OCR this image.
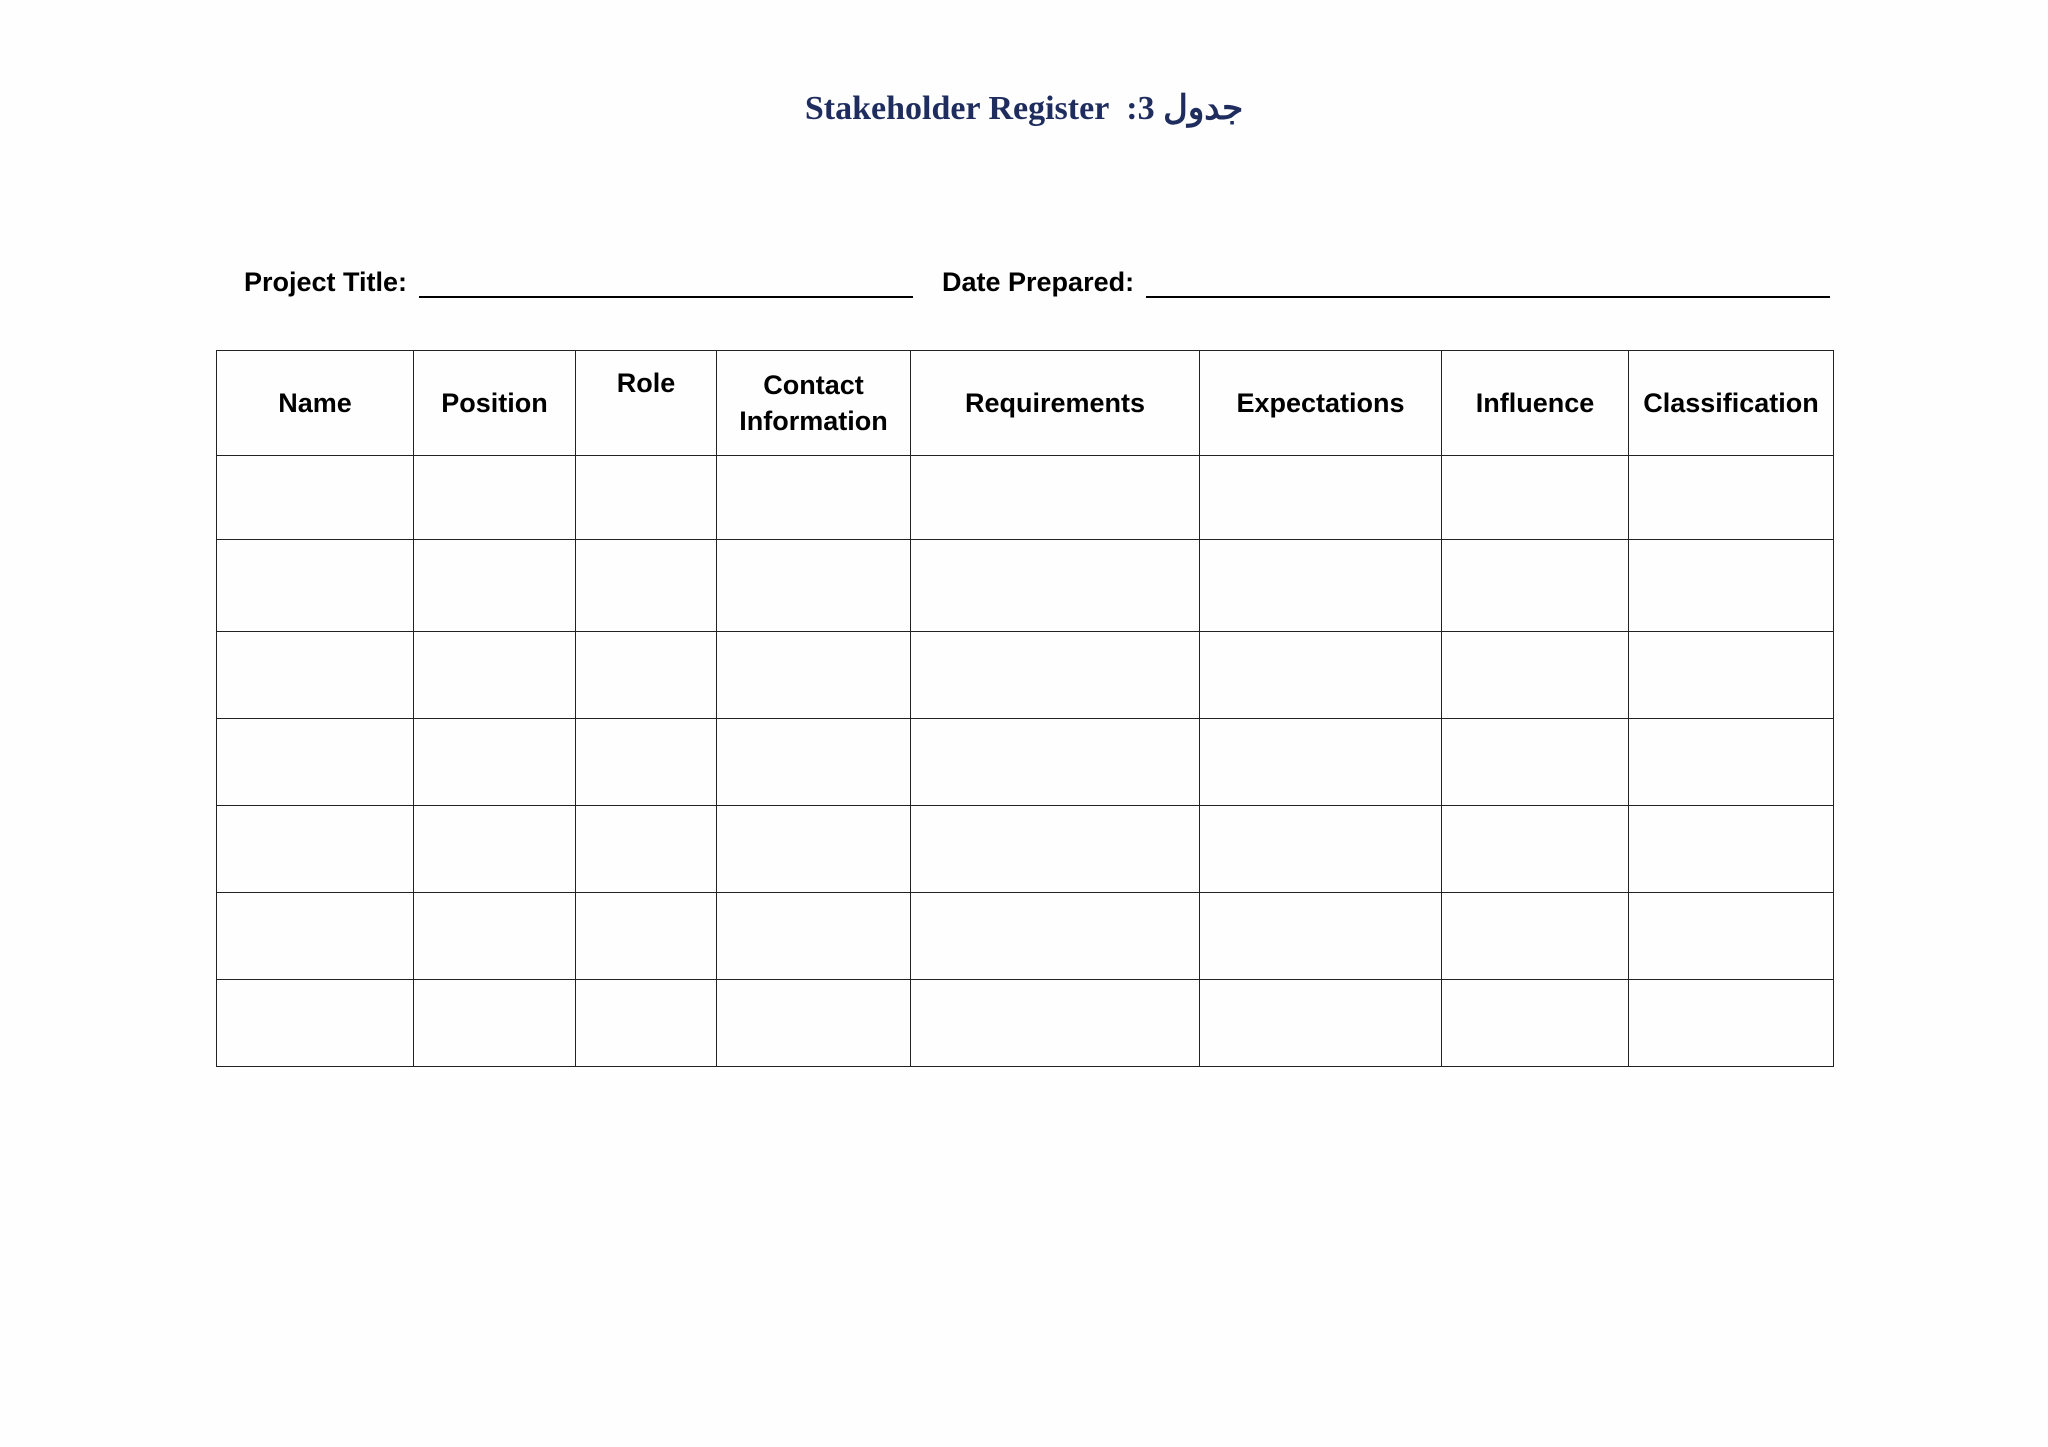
Stakeholder Register جدول 3:
Project Title:	Date Prepared:
Name	Position	Role	Contact Information	Requirements	Expectations	Influence	Classification
